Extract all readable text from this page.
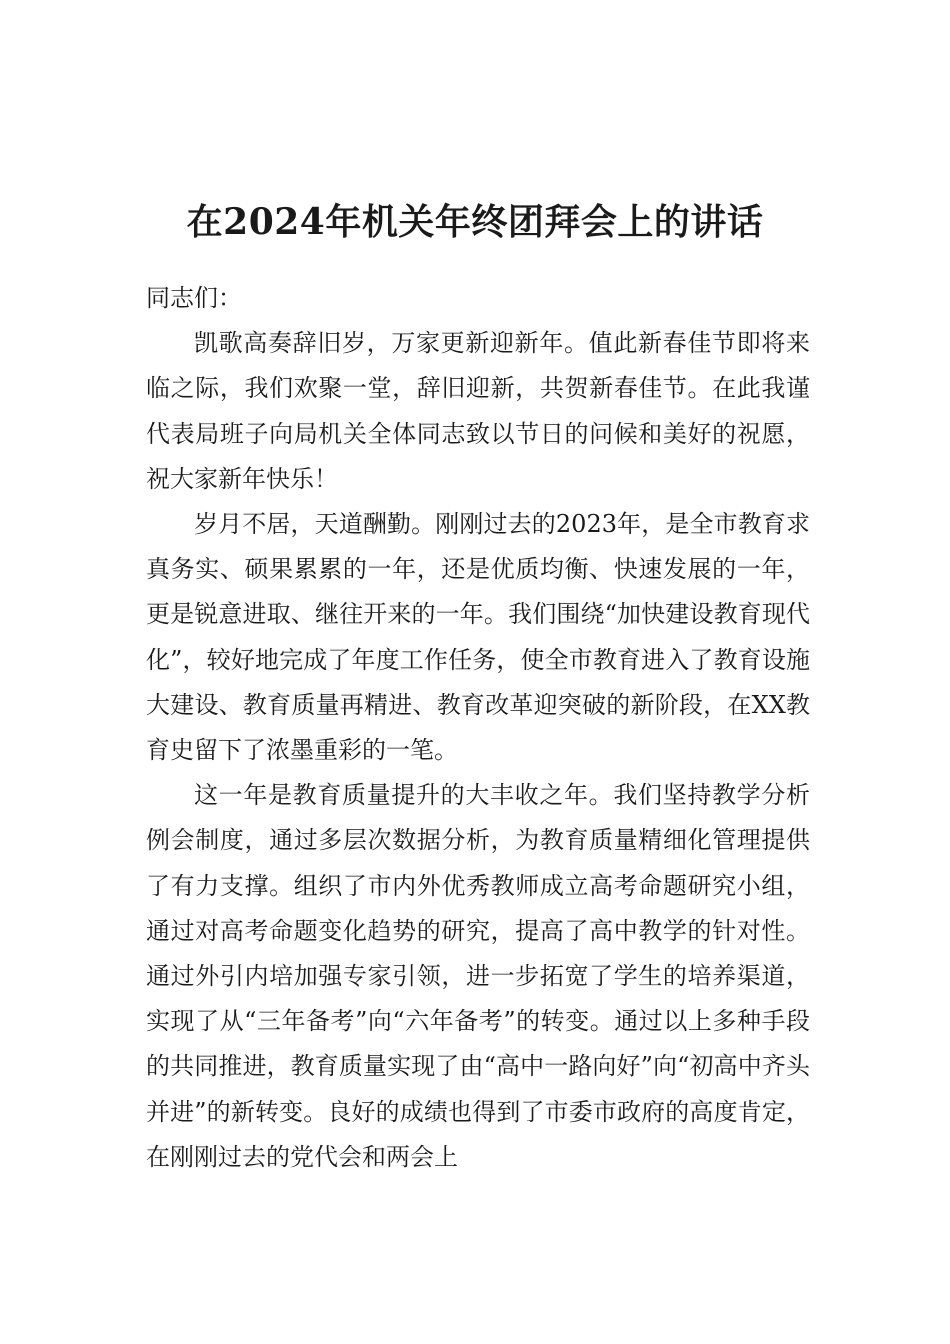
在2024年机关年终团拜会上的讲话

同志们：

凯歌高奏辞旧岁，万家更新迎新年。值此新春佳节即将来临之际，我们欢聚一堂，辞旧迎新，共贺新春佳节。在此我谨代表局班子向局机关全体同志致以节日的问候和美好的祝愿，祝大家新年快乐！

岁月不居，天道酬勤。刚刚过去的2023年，是全市教育求真务实、硕果累累的一年，还是优质均衡、快速发展的一年，更是锐意进取、继往开来的一年。我们围绕“加快建设教育现代化”，较好地完成了年度工作任务，使全市教育进入了教育设施大建设、教育质量再精进、教育改革迎突破的新阶段，在XX教育史留下了浓墨重彩的一笔。

这一年是教育质量提升的大丰收之年。我们坚持教学分析例会制度，通过多层次数据分析，为教育质量精细化管理提供了有力支撑。组织了市内外优秀教师成立高考命题研究小组，通过对高考命题变化趋势的研究，提高了高中教学的针对性。通过外引内培加强专家引领，进一步拓宽了学生的培养渠道，实现了从“三年备考”向“六年备考”的转变。通过以上多种手段的共同推进，教育质量实现了由“高中一路向好”向“初高中齐头并进”的新转变。良好的成绩也得到了市委市政府的高度肯定，在刚刚过去的党代会和两会上
